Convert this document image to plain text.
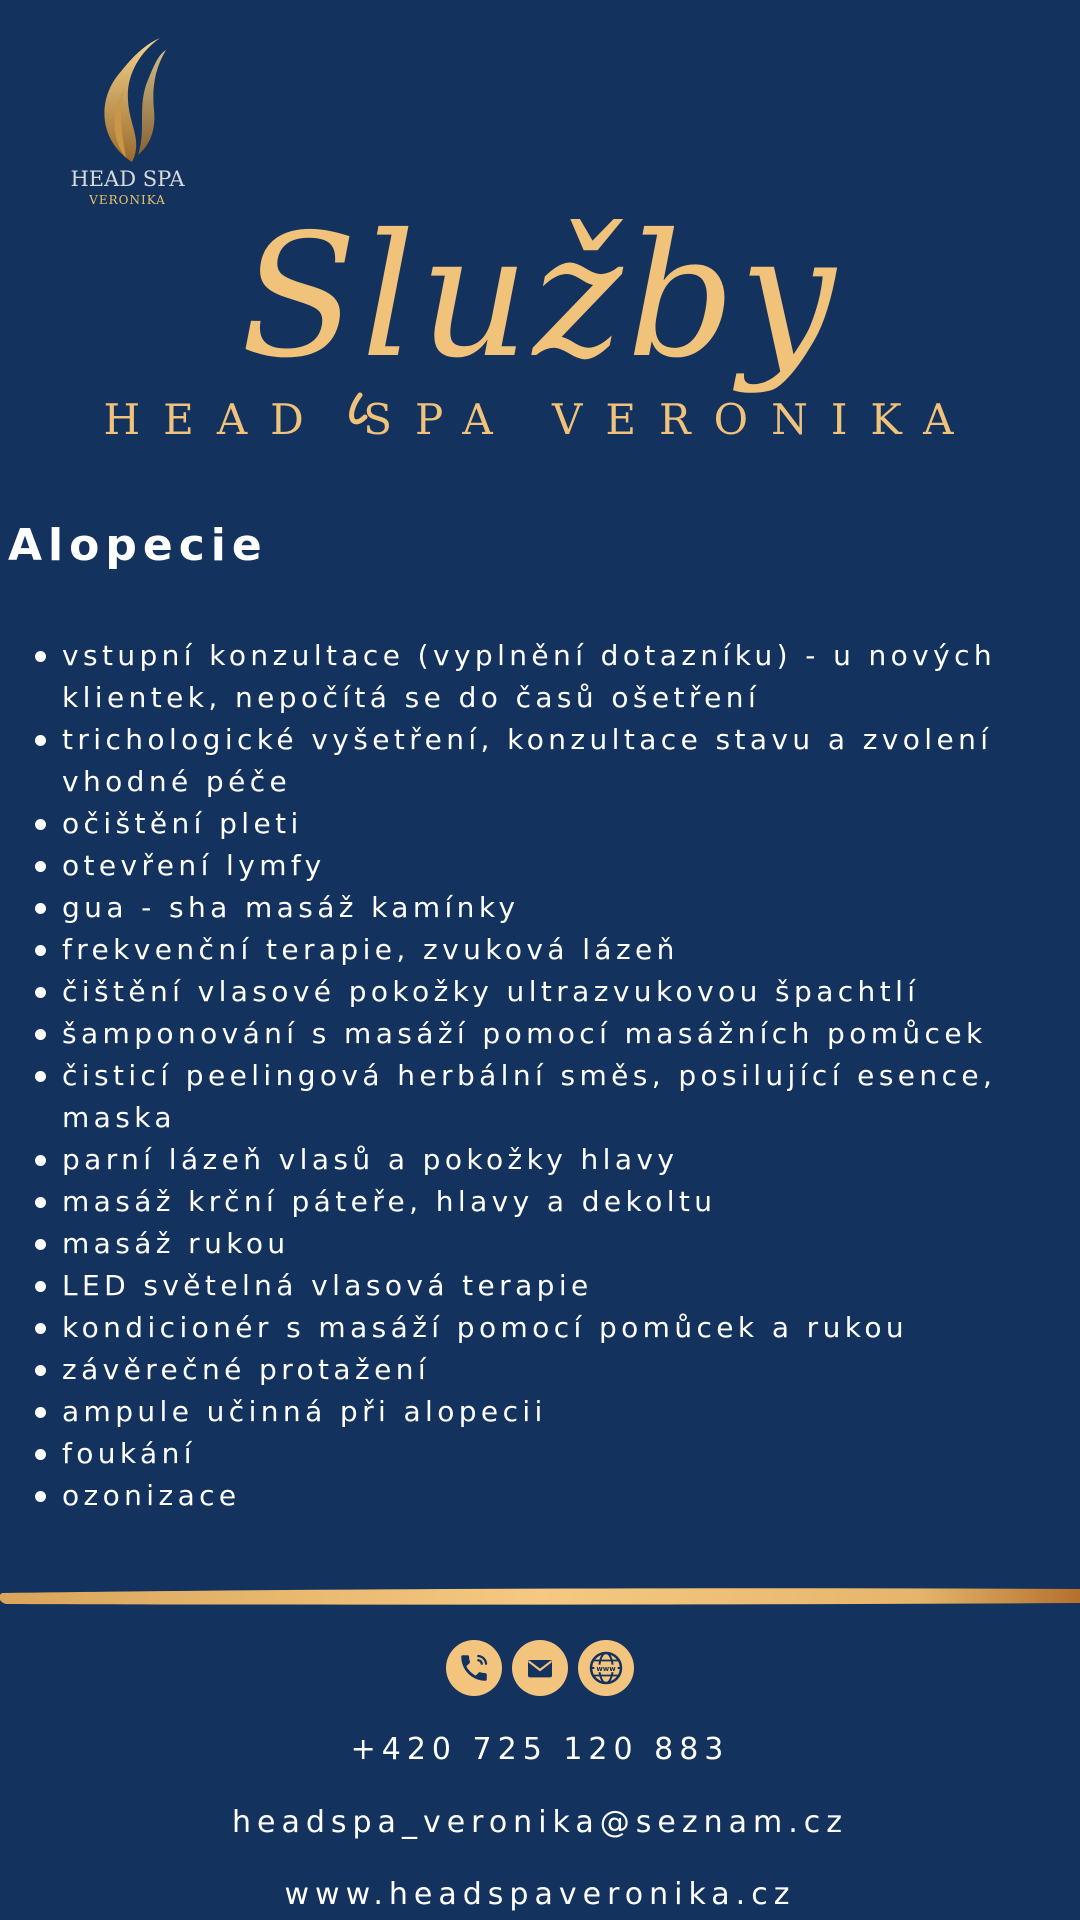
HEAD SPA
VERONIKA Služby
HEAD SPA VERONIKA
Alopecie
vstupní konzultace (vyplnění dotazníku) - u nových klientek, nepočítá se do časů ošetření
trichologické vyšetření, konzultace stavu a zvolení vhodné péče
očištění pleti
otevření lymfy
gua - sha masáž kamínky
frekvenční terapie, zvuková lázeň
čištění vlasové pokožky ultrazvukovou špachtlí
šamponování s masáží pomocí masážních pomůcek
čisticí peelingová herbální směs, posilující esence, maska
parní lázeň vlasů a pokožky hlavy
masáž krční páteře, hlavy a dekoltu
masáž rukou
LED světelná vlasová terapie
kondicionér s masáží pomocí pomůcek a rukou
závěrečné protažení
ampule učinná při alopecii
foukání
ozonizace
www
+420 725 120 883
headspa_veronika@seznam.cz
www.headspaveronika.cz
